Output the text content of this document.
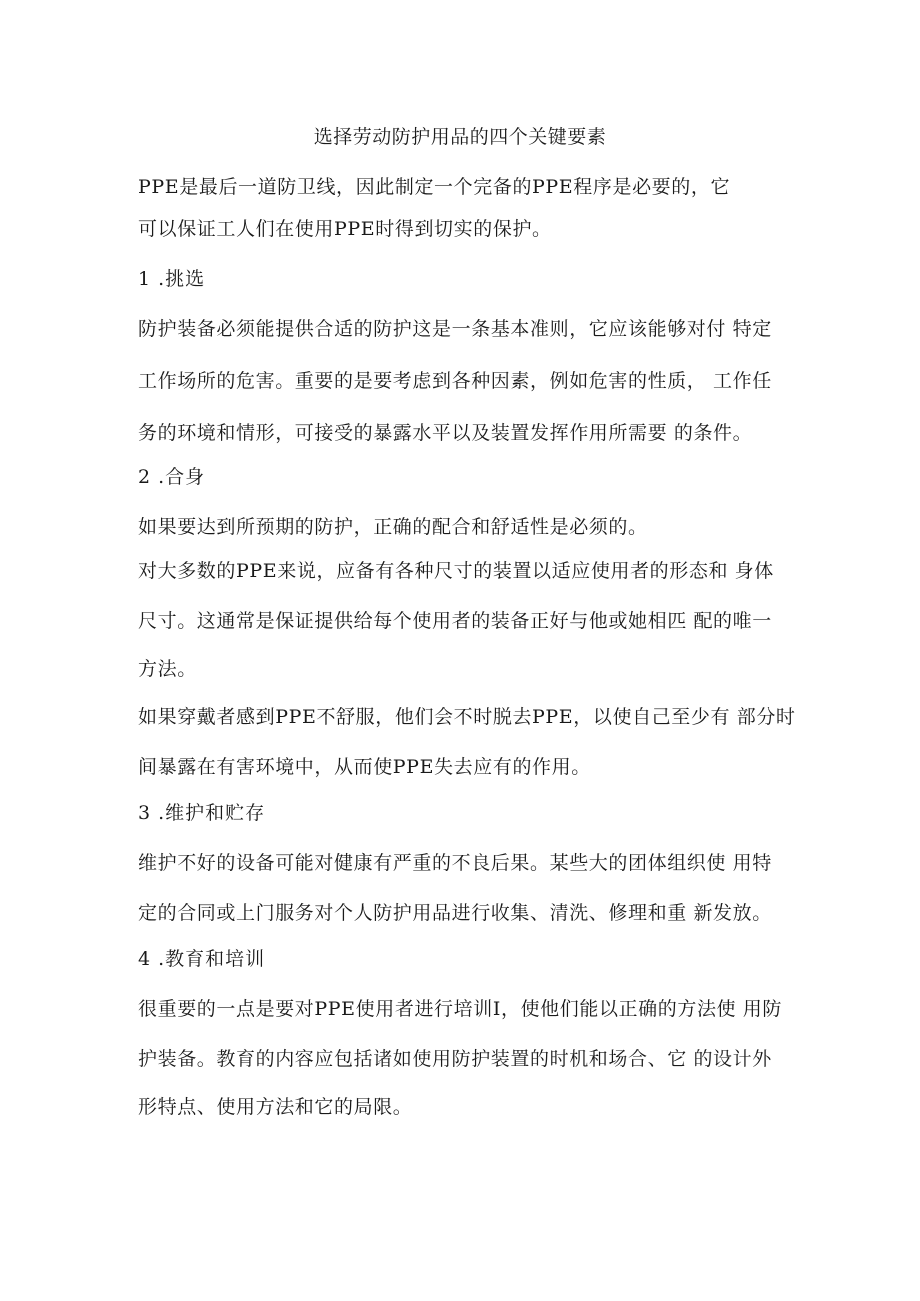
选择劳动防护用品的四个关键要素
PPE是最后一道防卫线，因此制定一个完备的PPE程序是必要的，它
可以保证工人们在使用PPE时得到切实的保护。
1 .挑选
防护装备必须能提供合适的防护这是一条基本准则，它应该能够对付 特定
工作场所的危害。重要的是要考虑到各种因素，例如危害的性质， 工作任
务的环境和情形，可接受的暴露水平以及装置发挥作用所需要 的条件。
2 .合身
如果要达到所预期的防护，正确的配合和舒适性是必须的。
对大多数的PPE来说，应备有各种尺寸的装置以适应使用者的形态和 身体
尺寸。这通常是保证提供给每个使用者的装备正好与他或她相匹 配的唯一
方法。
如果穿戴者感到PPE不舒服，他们会不时脱去PPE，以使自己至少有 部分时
间暴露在有害环境中，从而使PPE失去应有的作用。
3 .维护和贮存
维护不好的设备可能对健康有严重的不良后果。某些大的团体组织使 用特
定的合同或上门服务对个人防护用品进行收集、清洗、修理和重 新发放。
4 .教育和培训
很重要的一点是要对PPE使用者进行培训I，使他们能以正确的方法使 用防
护装备。教育的内容应包括诸如使用防护装置的时机和场合、它 的设计外
形特点、使用方法和它的局限。
